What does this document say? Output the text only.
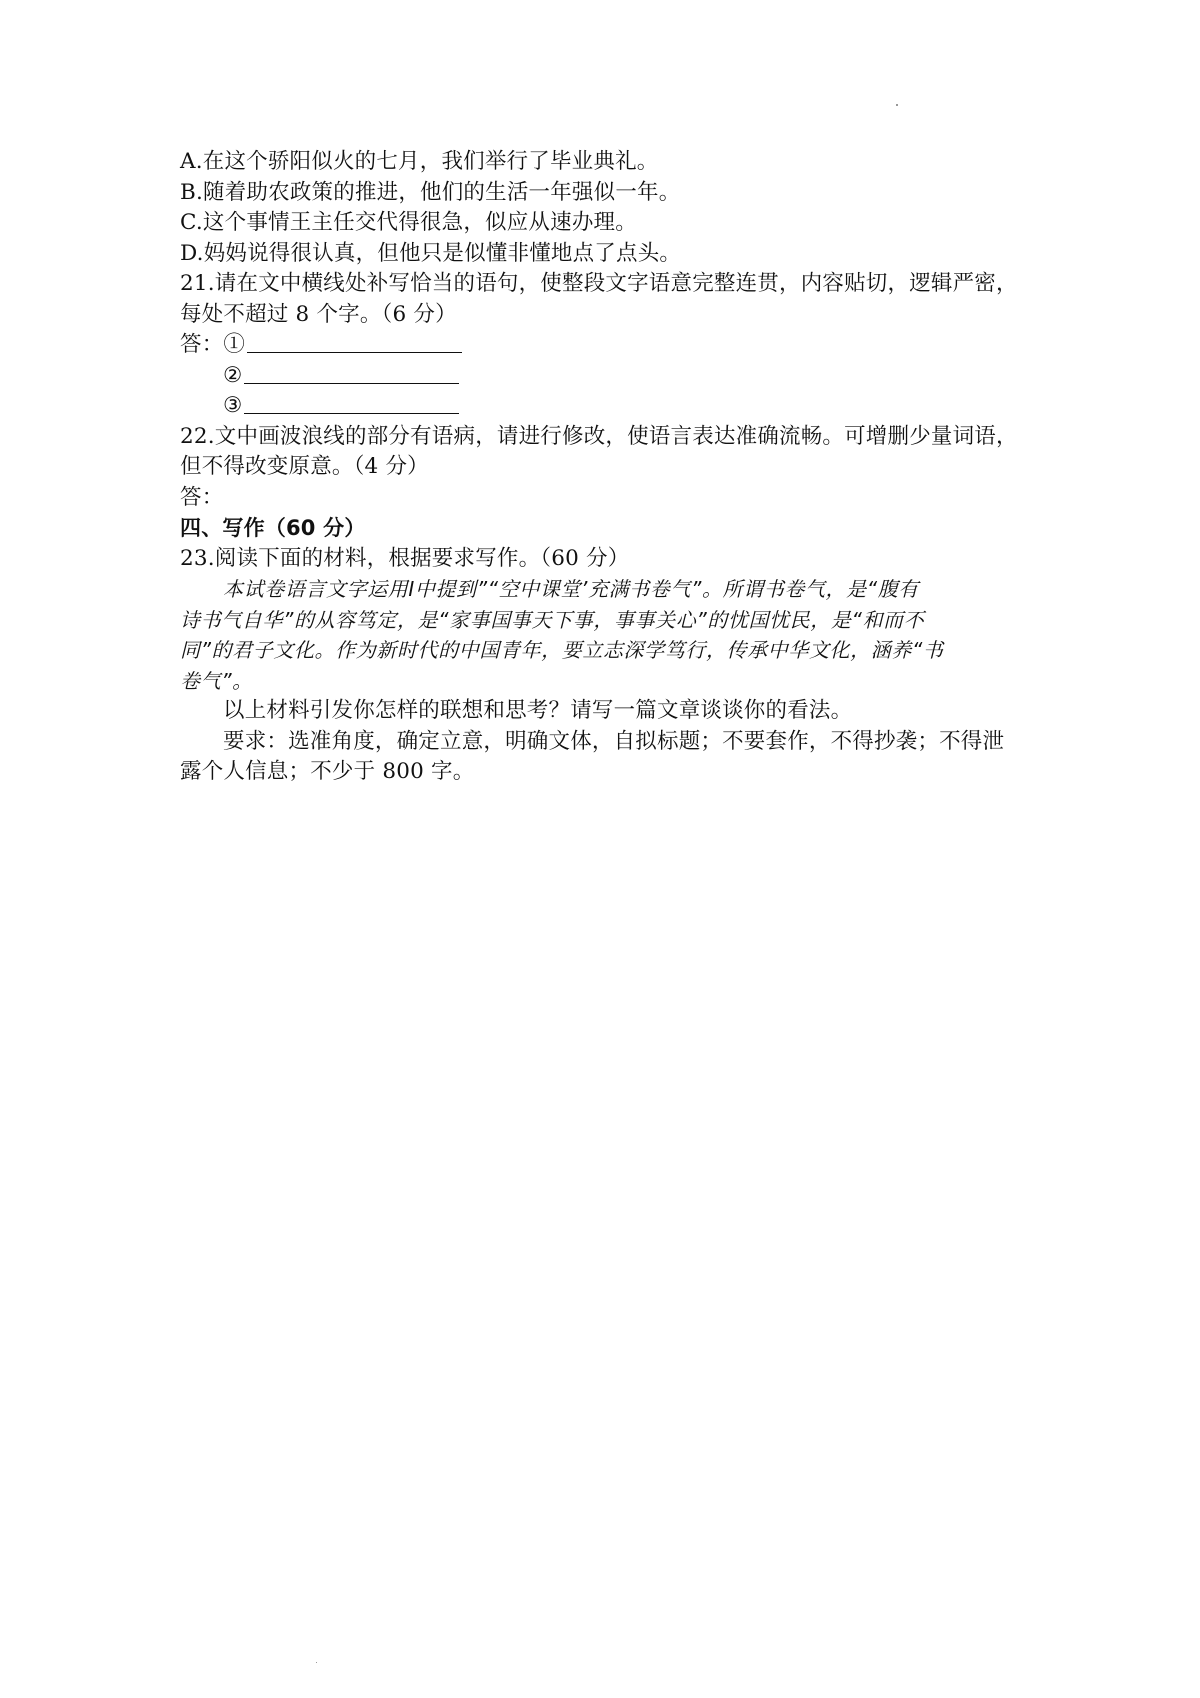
A.在这个骄阳似火的七月，我们举行了毕业典礼。
B.随着助农政策的推进，他们的生活一年强似一年。
C.这个事情王主任交代得很急，似应从速办理。
D.妈妈说得很认真，但他只是似懂非懂地点了点头。
21.请在文中横线处补写恰当的语句，使整段文字语意完整连贯，内容贴切，逻辑严密，
每处不超过 8 个字。（6 分）
答：①
②
③
22.文中画波浪线的部分有语病，请进行修改，使语言表达准确流畅。可增删少量词语，
但不得改变原意。（4 分）
答：
四、写作（60 分）
23.阅读下面的材料，根据要求写作。（60 分）
本试卷语言文字运用Ⅰ中提到”“空中课堂’充满书卷气”。所谓书卷气，是“腹有
诗书气自华”的从容笃定，是“家事国事天下事，事事关心”的忧国忧民，是“和而不
同”的君子文化。作为新时代的中国青年，要立志深学笃行，传承中华文化，涵养“书
卷气”。
以上材料引发你怎样的联想和思考？请写一篇文章谈谈你的看法。
要求：选准角度，确定立意，明确文体，自拟标题；不要套作，不得抄袭；不得泄
露个人信息；不少于 800 字。
